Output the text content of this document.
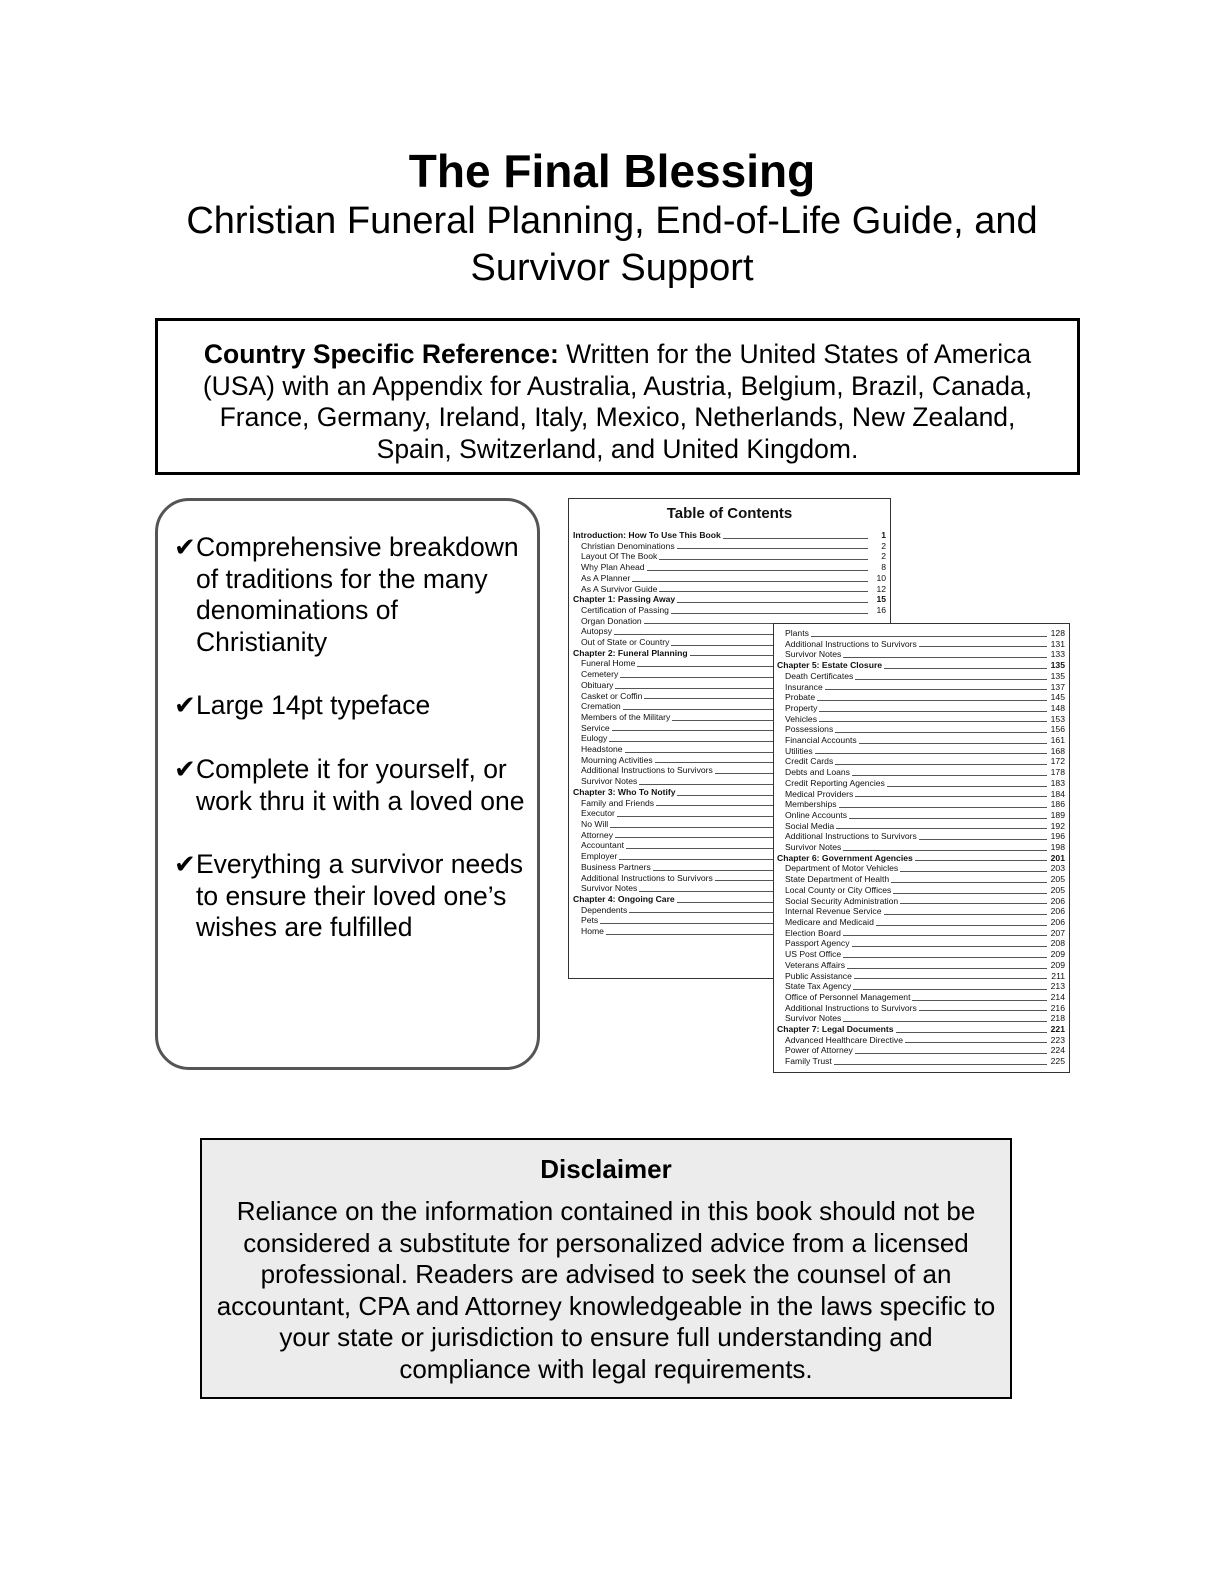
The Final Blessing
Christian Funeral Planning, End-of-Life Guide, and Survivor Support
Country Specific Reference: Written for the United States of America (USA) with an Appendix for Australia, Austria, Belgium, Brazil, Canada, France, Germany, Ireland, Italy, Mexico, Netherlands, New Zealand, Spain, Switzerland, and United Kingdom.
✔ Comprehensive breakdown of traditions for the many denominations of Christianity
✔ Large 14pt typeface
✔ Complete it for yourself, or work thru it with a loved one
✔ Everything a survivor needs to ensure their loved one’s wishes are fulfilled
Table of Contents
Introduction: How To Use This Book	1
Christian Denominations	2
Layout Of The Book	2
Why Plan Ahead	8
As A Planner	10
As A Survivor Guide	12
Chapter 1: Passing Away	15
Certification of Passing	16
Organ Donation
Autopsy
Out of State or Country
Chapter 2: Funeral Planning
Funeral Home
Cemetery
Obituary
Casket or Coffin
Cremation
Members of the Military
Service
Eulogy
Headstone
Mourning Activities
Additional Instructions to Survivors
Survivor Notes
Chapter 3: Who To Notify
Family and Friends
Executor
No Will
Attorney
Accountant
Employer
Business Partners
Additional Instructions to Survivors
Survivor Notes
Chapter 4: Ongoing Care
Dependents
Pets
Home
Plants	128
Additional Instructions to Survivors	131
Survivor Notes	133
Chapter 5: Estate Closure	135
Death Certificates	135
Insurance	137
Probate	145
Property	148
Vehicles	153
Possessions	156
Financial Accounts	161
Utilities	168
Credit Cards	172
Debts and Loans	178
Credit Reporting Agencies	183
Medical Providers	184
Memberships	186
Online Accounts	189
Social Media	192
Additional Instructions to Survivors	196
Survivor Notes	198
Chapter 6: Government Agencies	201
Department of Motor Vehicles	203
State Department of Health	205
Local County or City Offices	205
Social Security Administration	206
Internal Revenue Service	206
Medicare and Medicaid	206
Election Board	207
Passport Agency	208
US Post Office	209
Veterans Affairs	209
Public Assistance	211
State Tax Agency	213
Office of Personnel Management	214
Additional Instructions to Survivors	216
Survivor Notes	218
Chapter 7: Legal Documents	221
Advanced Healthcare Directive	223
Power of Attorney	224
Family Trust	225
Disclaimer
Reliance on the information contained in this book should not be considered a substitute for personalized advice from a licensed professional. Readers are advised to seek the counsel of an accountant, CPA and Attorney knowledgeable in the laws specific to your state or jurisdiction to ensure full understanding and compliance with legal requirements.
